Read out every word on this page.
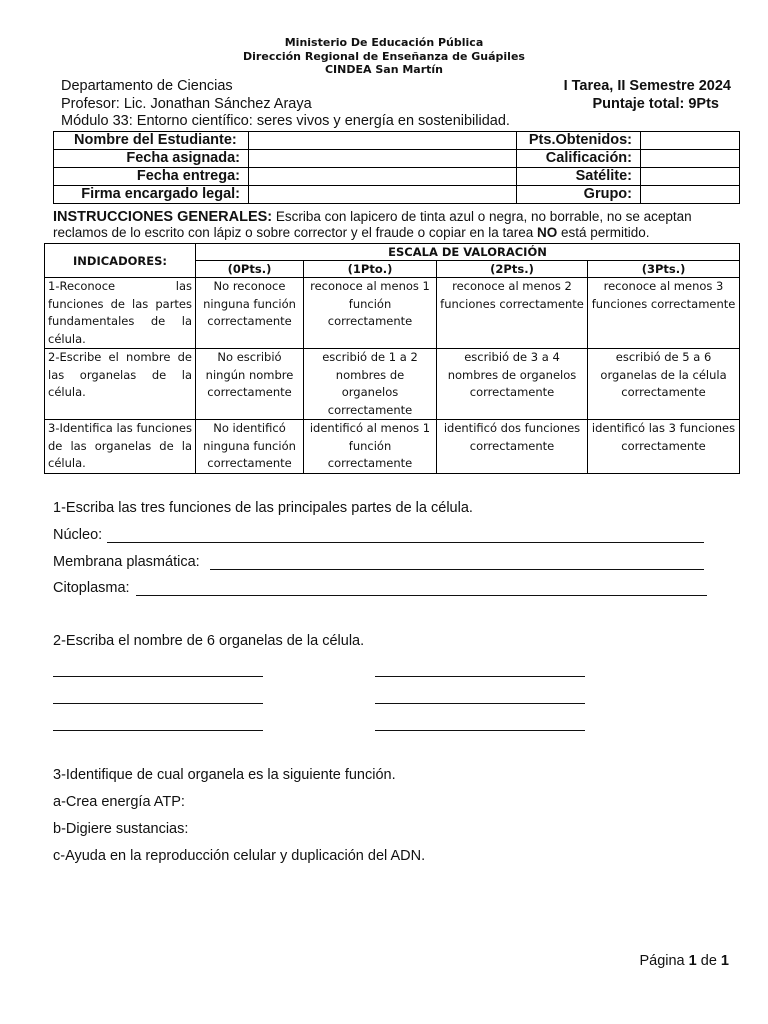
Ministerio De Educación Pública
Dirección Regional de Enseñanza de Guápiles
CINDEA San Martín
Departamento de Ciencias	I Tarea, II Semestre 2024
Profesor: Lic. Jonathan Sánchez Araya	Puntaje total: 9Pts
Módulo 33: Entorno científico: seres vivos y energía en sostenibilidad.
Nombre del Estudiante:		Pts.Obtenidos:	
Fecha asignada:		Calificación:	
Fecha entrega:		Satélite:	
Firma encargado legal:		Grupo:	
INSTRUCCIONES GENERALES: Escriba con lapicero de tinta azul o negra, no borrable, no se aceptan reclamos de lo escrito con lápiz o sobre corrector y el fraude o copiar en la tarea NO está permitido.
INDICADORES:	ESCALA DE VALORACIÓN			
	(0Pts.)	(1Pto.)	(2Pts.)	(3Pts.)
1-Reconoce las funciones de las partes fundamentales de la célula.	No reconoce ninguna función correctamente	reconoce al menos 1 función correctamente	reconoce al menos 2 funciones correctamente	reconoce al menos 3 funciones correctamente
2-Escribe el nombre de las organelas de la célula.	No escribió ningún nombre correctamente	escribió de 1 a 2 nombres de organelos correctamente	escribió de 3 a 4 nombres de organelos correctamente	escribió de 5 a 6 organelas de la célula correctamente
3-Identifica las funciones de las organelas de la célula.	No identificó ninguna función correctamente	identificó al menos 1 función correctamente	identificó dos funciones correctamente	identificó las 3 funciones correctamente
1-Escriba las tres funciones de las principales partes de la célula.
Núcleo:
Membrana plasmática:
Citoplasma:
2-Escriba el nombre de 6 organelas de la célula.
3-Identifique de cual organela es la siguiente función.
a-Crea energía ATP:
b-Digiere sustancias:
c-Ayuda en la reproducción celular y duplicación del ADN.
Página 1 de 1
